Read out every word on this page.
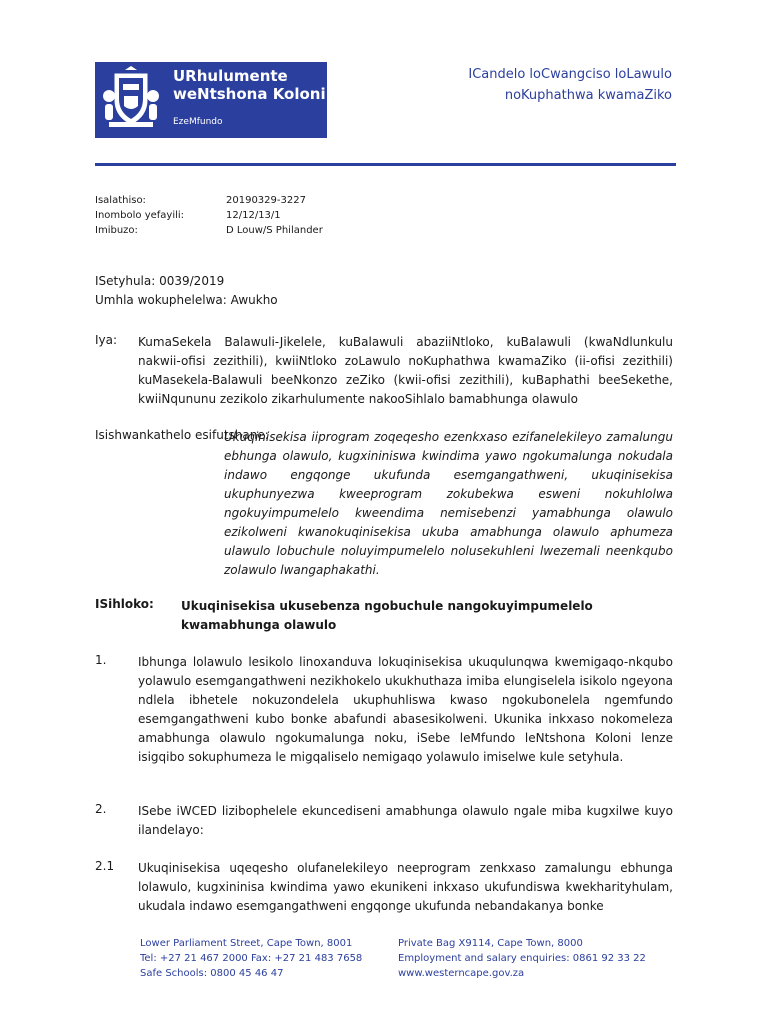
URhulumente
weNtshona Koloni
EzeMfundo
ICandelo loCwangciso loLawulo
noKuphathwa kwamaZiko
Isalathiso:	20190329-3227
Inombolo yefayili:	12/12/13/1
Imibuzo:	D Louw/S Philander
ISetyhula: 0039/2019
Umhla wokuphelelwa: Awukho
Iya: KumaSekela Balawuli-Jikelele, kuBalawuli abaziiNtloko, kuBalawuli (kwaNdlunkulu nakwii-ofisi zezithili), kwiiNtloko zoLawulo noKuphathwa kwamaZiko (ii-ofisi zezithili) kuMasekela-Balawuli beeNkonzo zeZiko (kwii-ofisi zezithili), kuBaphathi beeSekethe, kwiiNqununu zezikolo zikarhulumente nakooSihlalo bamabhunga olawulo
Isishwankathelo esifutshane:
Ukuqinisekisa iiprogram zoqeqesho ezenkxaso ezifanelekileyo zamalungu ebhunga olawulo, kugxininiswa kwindima yawo ngokumalunga nokudala indawo engqonge ukufunda esemgangathweni, ukuqinisekisa ukuphunyezwa kweeprogram zokubekwa esweni nokuhlolwa ngokuyimpumelelo kweendima nemisebenzi yamabhunga olawulo ezikolweni kwanokuqinisekisa ukuba amabhunga olawulo aphumeza ulawulo lobuchule noluyimpumelelo nolusekuhleni lwezemali neenkqubo zolawulo lwangaphakathi.
ISihloko: Ukuqinisekisa ukusebenza ngobuchule nangokuyimpumelelo kwamabhunga olawulo
1.	Ibhunga lolawulo lesikolo linoxanduva lokuqinisekisa ukuqulunqwa kwemigaqo-nkqubo yolawulo esemgangathweni nezikhokelo ukukhuthaza imiba elungiselela isikolo ngeyona ndlela ibhetele nokuzondelela ukuphuhliswa kwaso ngokubonelela ngemfundo esemgangathweni kubo bonke abafundi abasesikolweni. Ukunika inkxaso nokomeleza amabhunga olawulo ngokumalunga noku, iSebe leMfundo leNtshona Koloni lenze isigqibo sokuphumeza le migqaliselo nemigaqo yolawulo imiselwe kule setyhula.
2.	ISebe iWCED lizibophelele ekuncediseni amabhunga olawulo ngale miba kugxilwe kuyo ilandelayo:
2.1 Ukuqinisekisa uqeqesho olufanelekileyo neeprogram zenkxaso zamalungu ebhunga lolawulo, kugxininisa kwindima yawo ekunikeni inkxaso ukufundiswa kwekharityhulam, ukudala indawo esemgangathweni engqonge ukufunda nebandakanya bonke
Lower Parliament Street, Cape Town, 8001
Tel: +27 21 467 2000 Fax: +27 21 483 7658
Safe Schools: 0800 45 46 47
Private Bag X9114, Cape Town, 8000
Employment and salary enquiries: 0861 92 33 22
www.westerncape.gov.za
